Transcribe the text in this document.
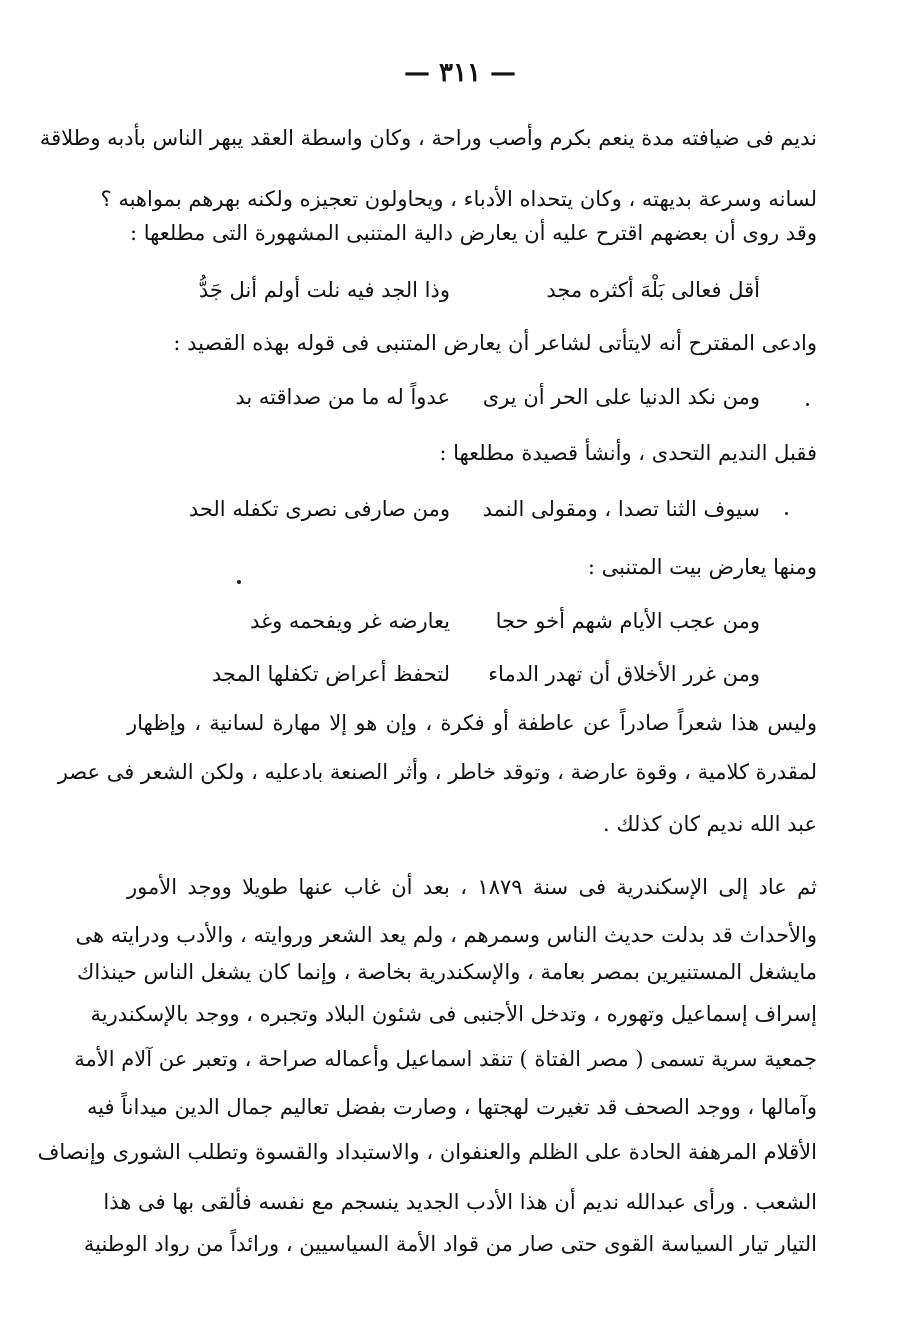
— ٣١١ —
نديم فى ضيافته مدة ينعم بكرم وأصب وراحة ، وكان واسطة العقد يبهر الناس بأدبه وطلاقة
لسانه وسرعة بديهته ، وكان يتحداه الأدباء ، ويحاولون تعجيزه ولكنه بهرهم بمواهبه ؟
وقد روى أن بعضهم اقترح عليه أن يعارض دالية المتنبى المشهورة التى مطلعها :
أقل فعالى بَلْهَ أكثره مجد
وذا الجد فيه نلت أولم أنل جَدُّ
وادعى المقترح أنه لايتأتى لشاعر أن يعارض المتنبى فى قوله بهذه القصيد :
ومن نكد الدنيا على الحر أن يرى
عدواً له ما من صداقته بد
فقبل النديم التحدى ، وأنشأ قصيدة مطلعها :
سيوف الثنا تصدا ، ومقولى النمد
ومن صارفى نصرى تكفله الحد
ومنها يعارض بيت المتنبى :
ومن عجب الأيام شهم أخو حجا
يعارضه غر ويفحمه وغد
ومن غرر الأخلاق أن تهدر الدماء
لتحفظ أعراض تكفلها المجد
وليس هذا شعراً صادراً عن عاطفة أو فكرة ، وإن هو إلا مهارة لسانية ، وإظهار
لمقدرة كلامية ، وقوة عارضة ، وتوقد خاطر ، وأثر الصنعة بادعليه ، ولكن الشعر فى عصر
عبد الله نديم كان كذلك .
ثم عاد إلى الإسكندرية فى سنة ١٨٧٩ ، بعد أن غاب عنها طويلا ووجد الأمور
والأحداث قد بدلت حديث الناس وسمرهم ، ولم يعد الشعر وروايته ، والأدب ودرايته هى
مايشغل المستنيرين بمصر بعامة ، والإسكندرية بخاصة ، وإنما كان يشغل الناس حينذاك
إسراف إسماعيل وتهوره ، وتدخل الأجنبى فى شئون البلاد وتجبره ، ووجد بالإسكندرية
جمعية سرية تسمى ( مصر الفتاة ) تنقد اسماعيل وأعماله صراحة ، وتعبر عن آلام الأمة
وآمالها ، ووجد الصحف قد تغيرت لهجتها ، وصارت بفضل تعاليم جمال الدين ميداناً فيه
الأقلام المرهفة الحادة على الظلم والعنفوان ، والاستبداد والقسوة وتطلب الشورى وإنصاف
الشعب . ورأى عبدالله نديم أن هذا الأدب الجديد ينسجم مع نفسه فألقى بها فى هذا
التيار تيار السياسة القوى حتى صار من قواد الأمة السياسيين ، ورائداً من رواد الوطنية
